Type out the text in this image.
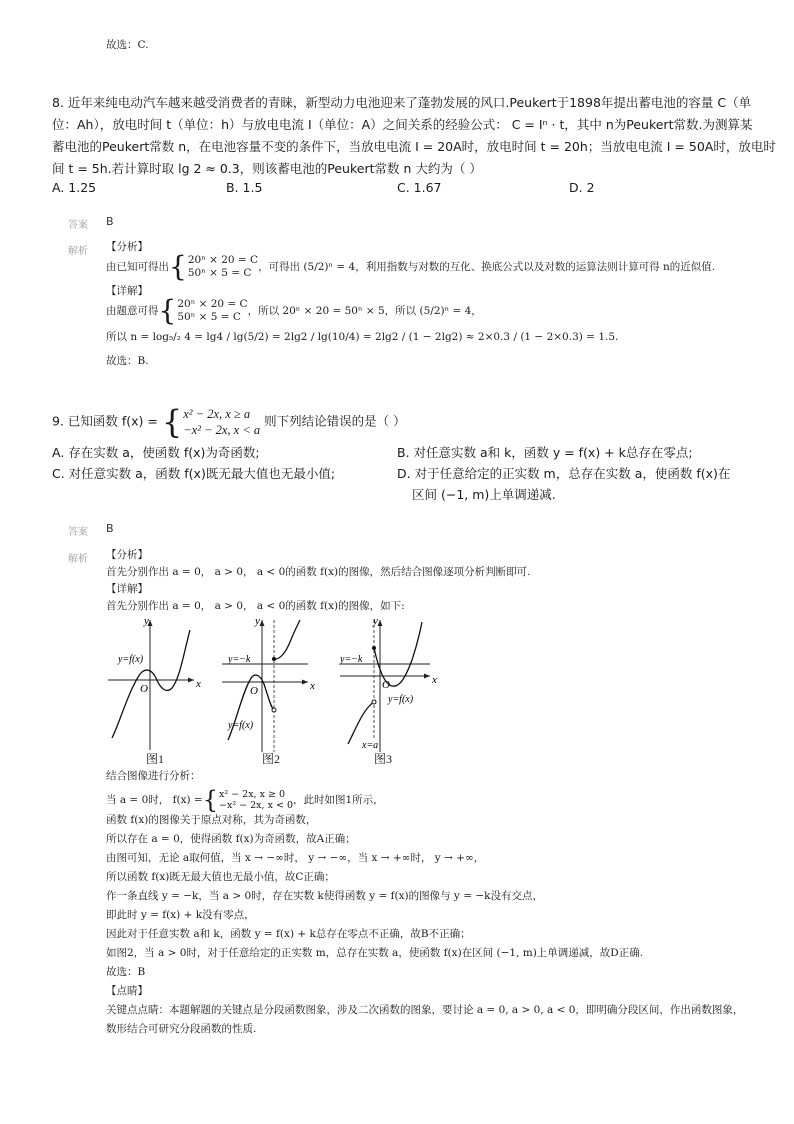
故选：C.
8. 近年来纯电动汽车越来越受消费者的青睐，新型动力电池迎来了蓬勃发展的风口.Peukert于1898年提出蓄电池的容量 C（单
位：Ah），放电时间 t（单位：h）与放电电流 I（单位：A）之间关系的经验公式： C = Iⁿ · t，其中 n为Peukert常数.为测算某
蓄电池的Peukert常数 n，在电池容量不变的条件下，当放电电流 I = 20A时，放电时间 t = 20h；当放电电流 I = 50A时，放电时
间 t = 5h.若计算时取 lg 2 ≈ 0.3，则该蓄电池的Peukert常数 n 大约为（ ）
A. 1.25	B. 1.5	C. 1.67	D. 2
答案 B
解析 【分析】
由已知可得出{20ⁿ × 20 = C
50ⁿ × 5 = C ，可得出 (5/2)ⁿ = 4，利用指数与对数的互化、换底公式以及对数的运算法则计算可得 n的近似值.
【详解】
由题意可得{20ⁿ × 20 = C
50ⁿ × 5 = C ，所以 20ⁿ × 20 = 50ⁿ × 5，所以 (5/2)ⁿ = 4，
所以 n = log₅/₂ 4 = lg4 / lg(5/2) = 2lg2 / lg(10/4) = 2lg2 / (1 − 2lg2) ≈ 2×0.3 / (1 − 2×0.3) = 1.5.
故选：B.
9. 已知函数 f(x) = {x² − 2x, x ≥ a
−x² − 2x, x < a 则下列结论错误的是（ ）
A. 存在实数 a，使函数 f(x)为奇函数;	B. 对任意实数 a和 k，函数 y = f(x) + k总存在零点;
C. 对任意实数 a，函数 f(x)既无最大值也无最小值;	D. 对于任意给定的正实数 m，总存在实数 a，使函数 f(x)在
区间 (−1, m)上单调递减.
答案 B
解析 【分析】
首先分别作出 a = 0， a > 0， a < 0的函数 f(x)的图像，然后结合图像逐项分析判断即可.
【详解】
首先分别作出 a = 0， a > 0， a < 0的函数 f(x)的图像，如下:
x
y
O
y=f(x)
x
y
O
y=−k
y=f(x)
x
y
O
y=−k
y=f(x)
x=a
图1	图2	图3
结合图像进行分析：
当 a = 0时， f(x) ={x² − 2x, x ≥ 0
−x² − 2x, x < 0，此时如图1所示，
函数 f(x)的图像关于原点对称，其为奇函数，
所以存在 a = 0，使得函数 f(x)为奇函数，故A正确；
由图可知，无论 a取何值，当 x → −∞时， y → −∞，当 x → +∞时， y → +∞，
所以函数 f(x)既无最大值也无最小值，故C正确；
作一条直线 y = −k，当 a > 0时，存在实数 k使得函数 y = f(x)的图像与 y = −k没有交点，
即此时 y = f(x) + k没有零点，
因此对于任意实数 a和 k，函数 y = f(x) + k总存在零点不正确，故B不正确；
如图2，当 a > 0时，对于任意给定的正实数 m，总存在实数 a，使函数 f(x)在区间 (−1, m)上单调递减，故D正确.
故选：B
【点睛】
关键点点睛：本题解题的关键点是分段函数图象，涉及二次函数的图象，要讨论 a = 0, a > 0, a < 0，即明确分段区间，作出函数图象，
数形结合可研究分段函数的性质.
